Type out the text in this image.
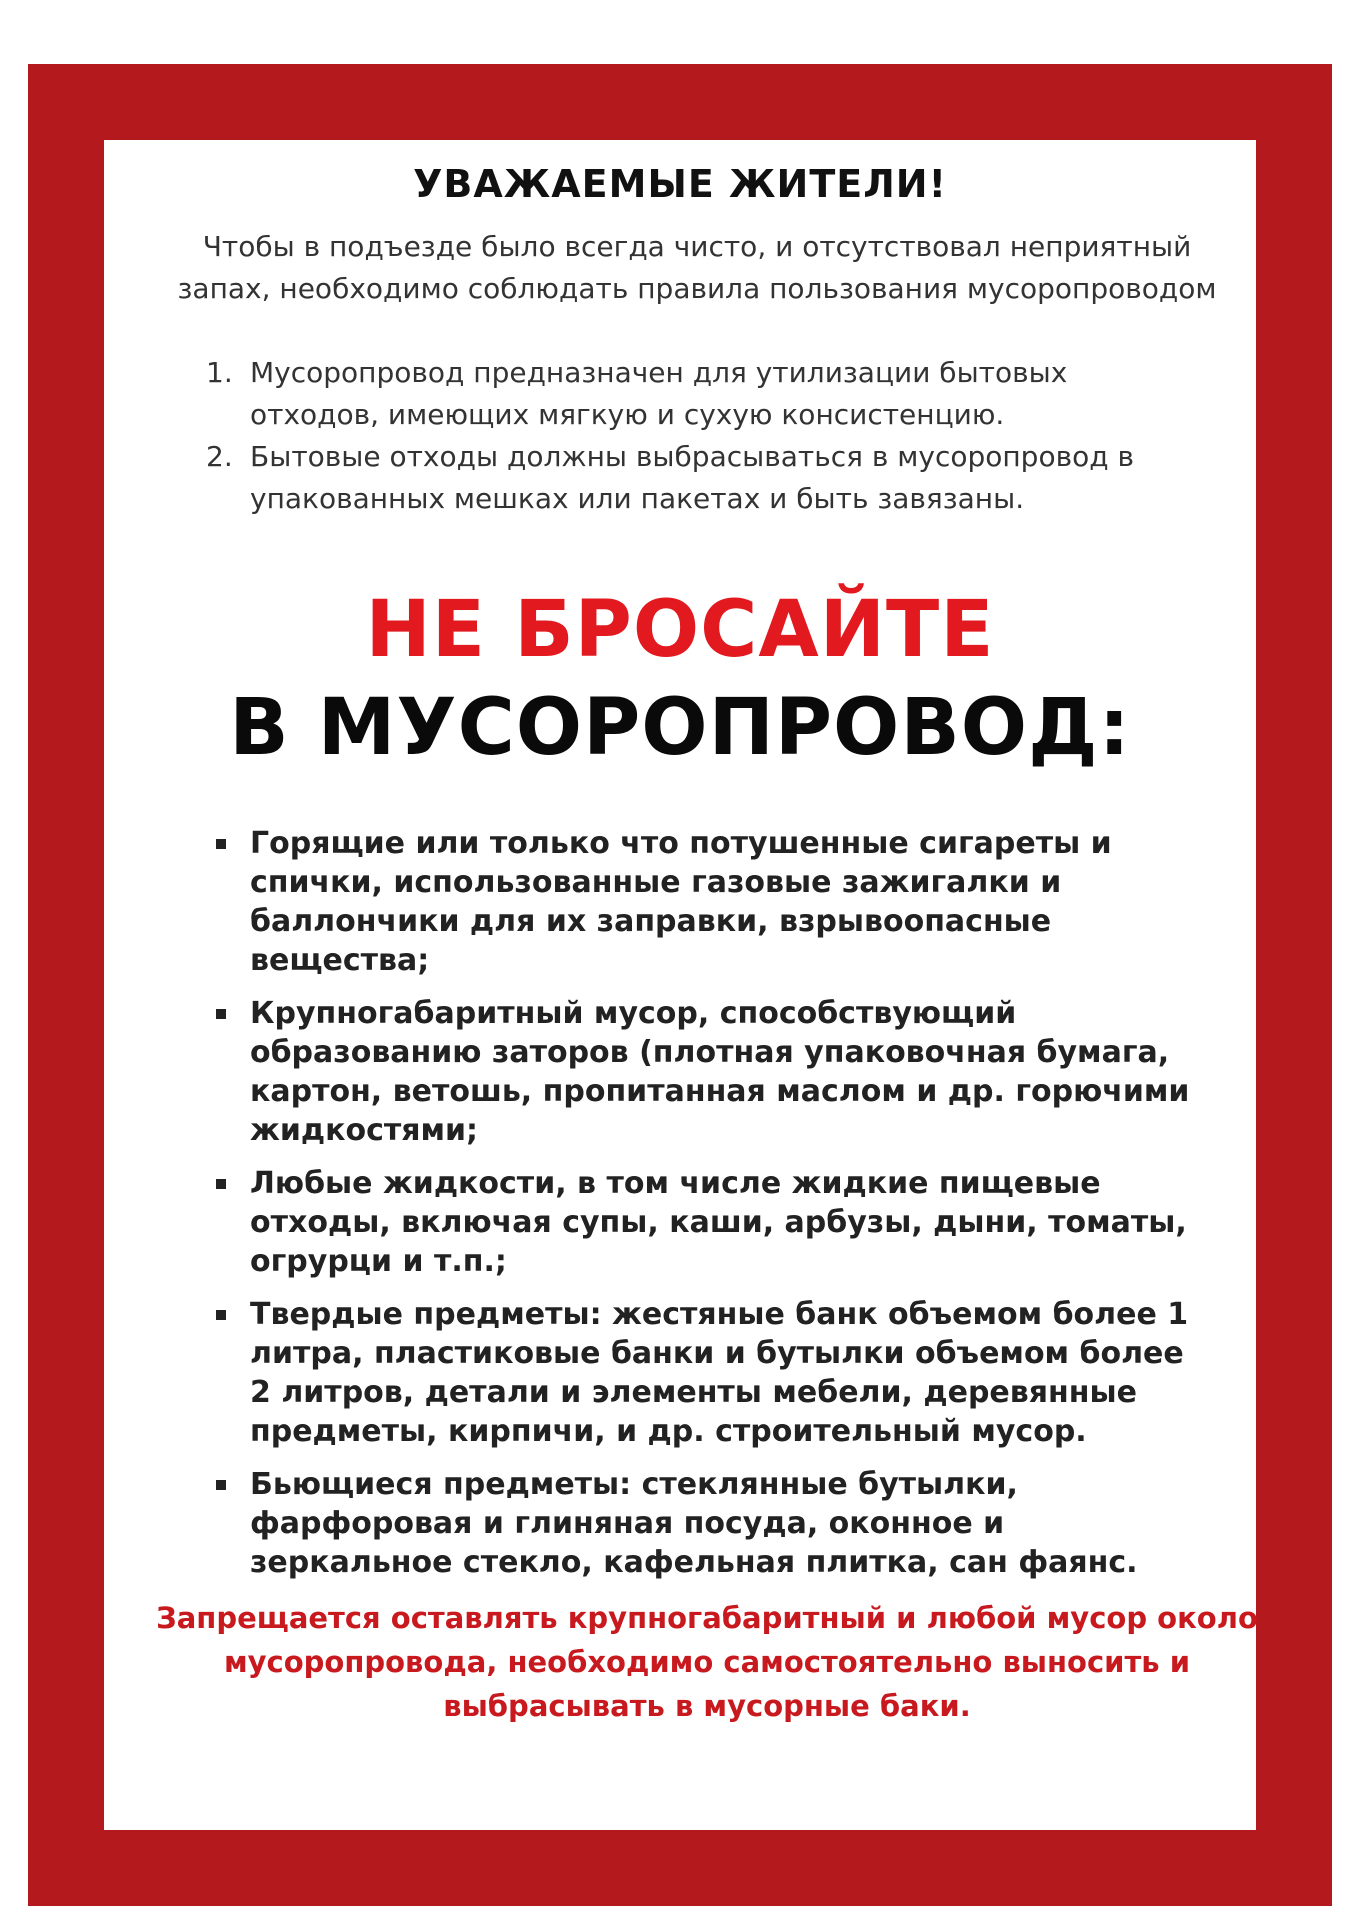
УВАЖАЕМЫЕ ЖИТЕЛИ!
Чтобы в подъезде было всегда чисто, и отсутствовал неприятный запах, необходимо соблюдать правила пользования мусоропроводом
1. Мусоропровод предназначен для утилизации бытовых отходов, имеющих мягкую и сухую консистенцию.
2. Бытовые отходы должны выбрасываться в мусоропровод в упакованных мешках или пакетах и быть завязаны.
НЕ БРОСАЙТЕ
В МУСОРОПРОВОД:
Горящие или только что потушенные сигареты и спички, использованные газовые зажигалки и баллончики для их заправки, взрывоопасные вещества;
Крупногабаритный мусор, способствующий образованию заторов (плотная упаковочная бумага, картон, ветошь, пропитанная маслом и др. горючими жидкостями;
Любые жидкости, в том числе жидкие пищевые отходы, включая супы, каши, арбузы, дыни, томаты, огрурци и т.п.;
Твердые предметы: жестяные банк объемом более 1 литра, пластиковые банки и бутылки объемом более 2 литров, детали и элементы мебели, деревянные предметы, кирпичи, и др. строительный мусор.
Бьющиеся предметы: стеклянные бутылки, фарфоровая и глиняная посуда, оконное и зеркальное стекло, кафельная плитка, сан фаянс.
Запрещается оставлять крупногабаритный и любой мусор около мусоропровода, необходимо самостоятельно выносить и выбрасывать в мусорные баки.
